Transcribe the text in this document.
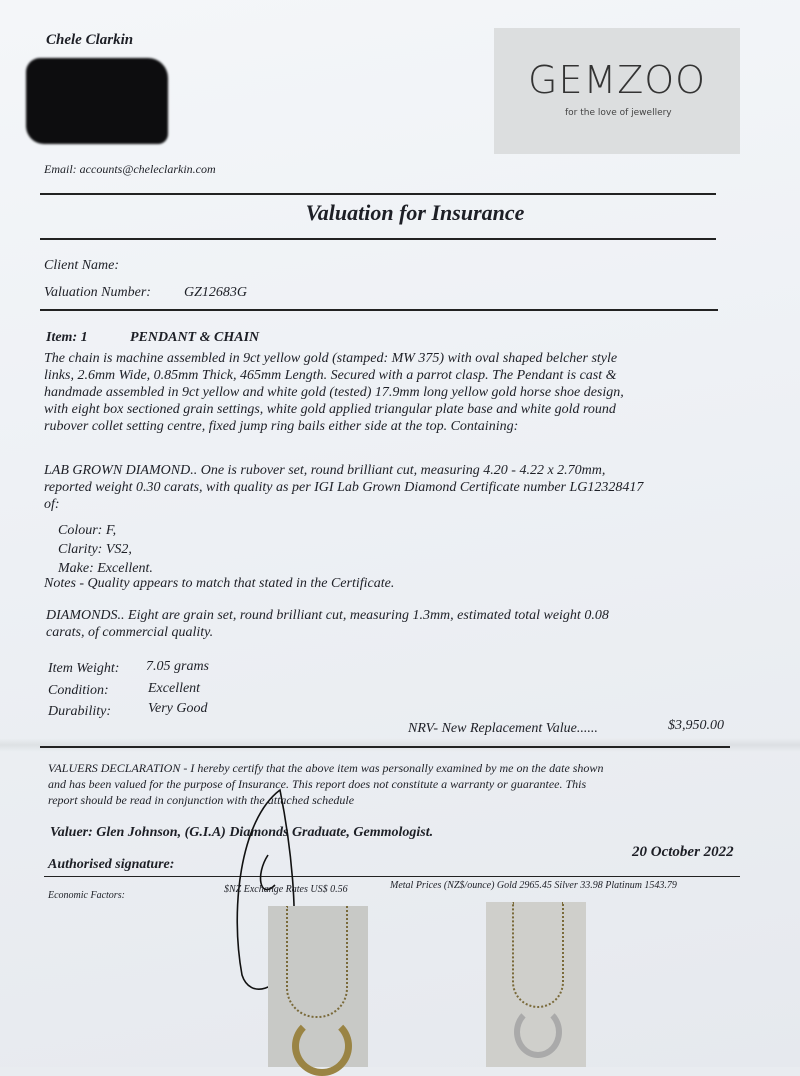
Chele Clarkin
Email: accounts@cheleclarkin.com
GEMZOO
for the love of jewellery
Valuation for Insurance
Client Name:
Valuation Number: GZ12683G
Item: 1	PENDANT & CHAIN
The chain is machine assembled in 9ct yellow gold (stamped: MW 375) with oval shaped belcher style
links, 2.6mm Wide, 0.85mm Thick, 465mm Length. Secured with a parrot clasp. The Pendant is cast &
handmade assembled in 9ct yellow and white gold (tested) 17.9mm long yellow gold horse shoe design,
with eight box sectioned grain settings, white gold applied triangular plate base and white gold round
rubover collet setting centre, fixed jump ring bails either side at the top. Containing:
LAB GROWN DIAMOND.. One is rubover set, round brilliant cut, measuring 4.20 - 4.22 x 2.70mm,
reported weight 0.30 carats, with quality as per IGI Lab Grown Diamond Certificate number LG12328417
of:
Colour: F,
Clarity: VS2,
Make: Excellent.
Notes - Quality appears to match that stated in the Certificate.
DIAMONDS.. Eight are grain set, round brilliant cut, measuring 1.3mm, estimated total weight 0.08
carats, of commercial quality.
Item Weight: 7.05 grams
Condition:	Excellent
Durability:	Very Good
NRV- New Replacement Value......	$3,950.00
VALUERS DECLARATION - I hereby certify that the above item was personally examined by me on the date shown
and has been valued for the purpose of Insurance. This report does not constitute a warranty or guarantee. This
report should be read in conjunction with the attached schedule
Valuer: Glen Johnson, (G.I.A) Diamonds Graduate, Gemmologist.
Authorised signature:
20 October 2022
Economic Factors:
$NZ Exchange Rates US$ 0.56	Metal Prices (NZ$/ounce) Gold 2965.45 Silver 33.98 Platinum 1543.79
